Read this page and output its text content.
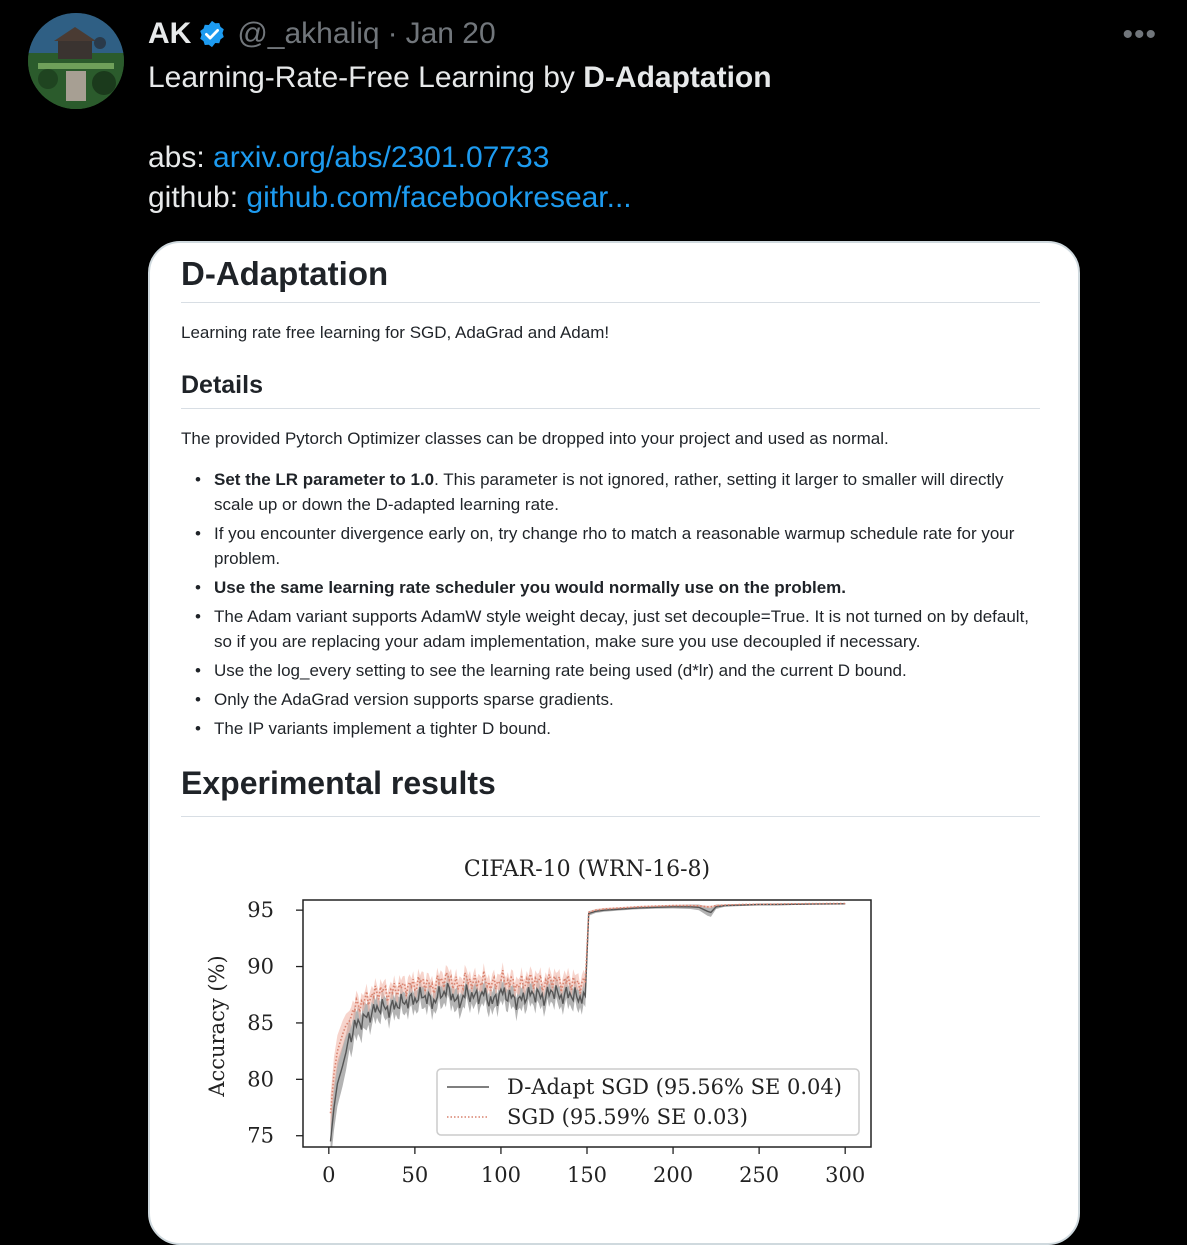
AK @_akhaliq · Jan 20	•••
Learning-Rate-Free Learning by D-Adaptation
abs: arxiv.org/abs/2301.07733
github: github.com/facebookresear...
D-Adaptation

Learning rate free learning for SGD, AdaGrad and Adam!

Details

The provided Pytorch Optimizer classes can be dropped into your project and used as normal.

• Set the LR parameter to 1.0. This parameter is not ignored, rather, setting it larger to smaller will directly scale up or down the D-adapted learning rate.
• If you encounter divergence early on, try change rho to match a reasonable warmup schedule rate for your problem.
• Use the same learning rate scheduler you would normally use on the problem.
• The Adam variant supports AdamW style weight decay, just set decouple=True. It is not turned on by default, so if you are replacing your adam implementation, make sure you use decoupled if necessary.
• Use the log_every setting to see the learning rate being used (d*lr) and the current D bound.
• Only the AdaGrad version supports sparse gradients.
• The IP variants implement a tighter D bound.
Experimental results
CIFAR-10 (WRN-16-8)
Accuracy (%)
0	50	100 150 200 250 300
75
80
85
90
95
D-Adapt SGD (95.56% SE 0.04)
SGD (95.59% SE 0.03)
